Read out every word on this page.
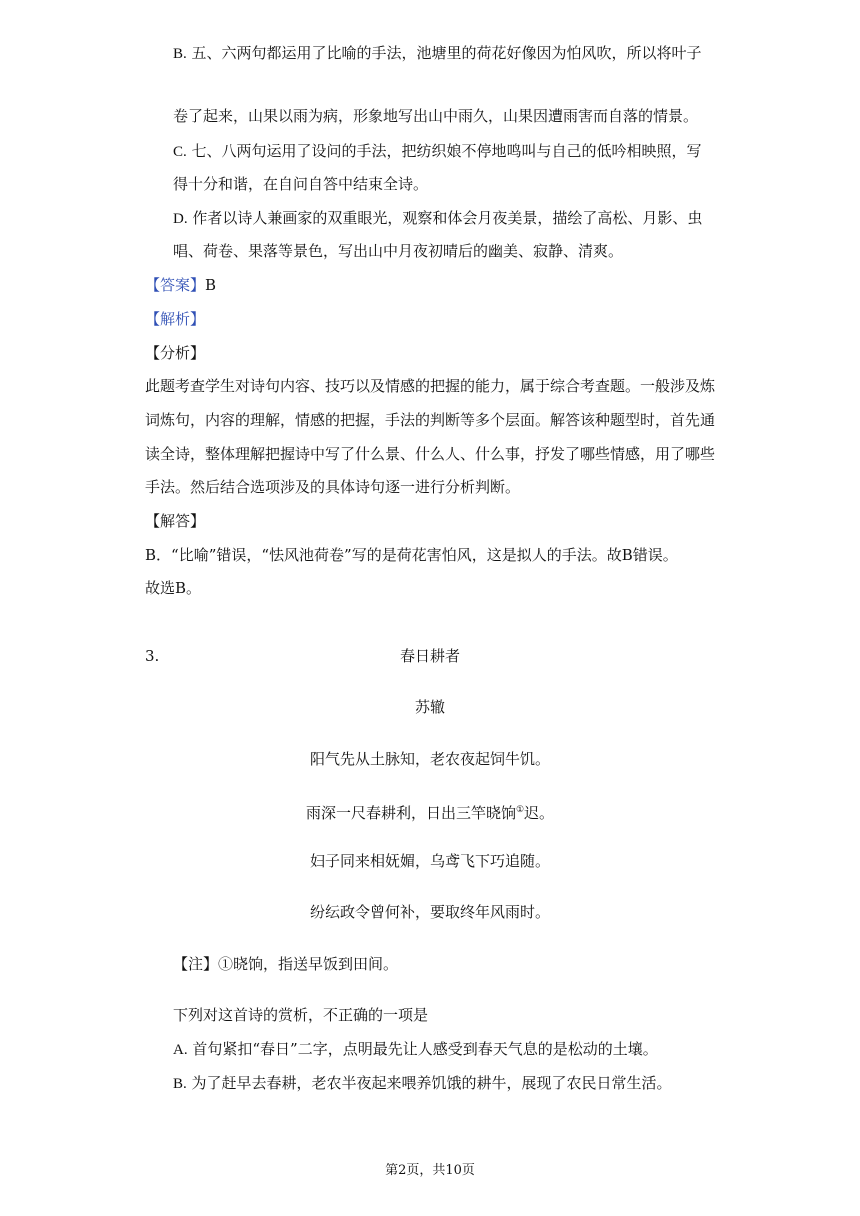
B. 五、六两句都运用了比喻的手法，池塘里的荷花好像因为怕风吹，所以将叶子
卷了起来，山果以雨为病，形象地写出山中雨久，山果因遭雨害而自落的情景。
C. 七、八两句运用了设问的手法，把纺织娘不停地鸣叫与自己的低吟相映照，写
得十分和谐，在自问自答中结束全诗。
D. 作者以诗人兼画家的双重眼光，观察和体会月夜美景，描绘了高松、月影、虫
唱、荷卷、果落等景色，写出山中月夜初晴后的幽美、寂静、清爽。
【答案】B
【解析】
【分析】
此题考查学生对诗句内容、技巧以及情感的把握的能力，属于综合考查题。一般涉及炼
词炼句，内容的理解，情感的把握，手法的判断等多个层面。解答该种题型时，首先通
读全诗，整体理解把握诗中写了什么景、什么人、什么事，抒发了哪些情感，用了哪些
手法。然后结合选项涉及的具体诗句逐一进行分析判断。
【解答】
B．“比喻”错误，“怯风池荷卷”写的是荷花害怕风，这是拟人的手法。故B错误。
故选B。
3.	春日耕者
苏辙
阳气先从土脉知，老农夜起饲牛饥。
雨深一尺春耕利，日出三竿晓饷①迟。
妇子同来相妩媚，乌鸢飞下巧追随。
纷纭政令曾何补，要取终年风雨时。
【注】①晓饷，指送早饭到田间。
下列对这首诗的赏析，不正确的一项是
A. 首句紧扣“春日”二字，点明最先让人感受到春天气息的是松动的土壤。
B. 为了赶早去春耕，老农半夜起来喂养饥饿的耕牛，展现了农民日常生活。
第2页，共10页
